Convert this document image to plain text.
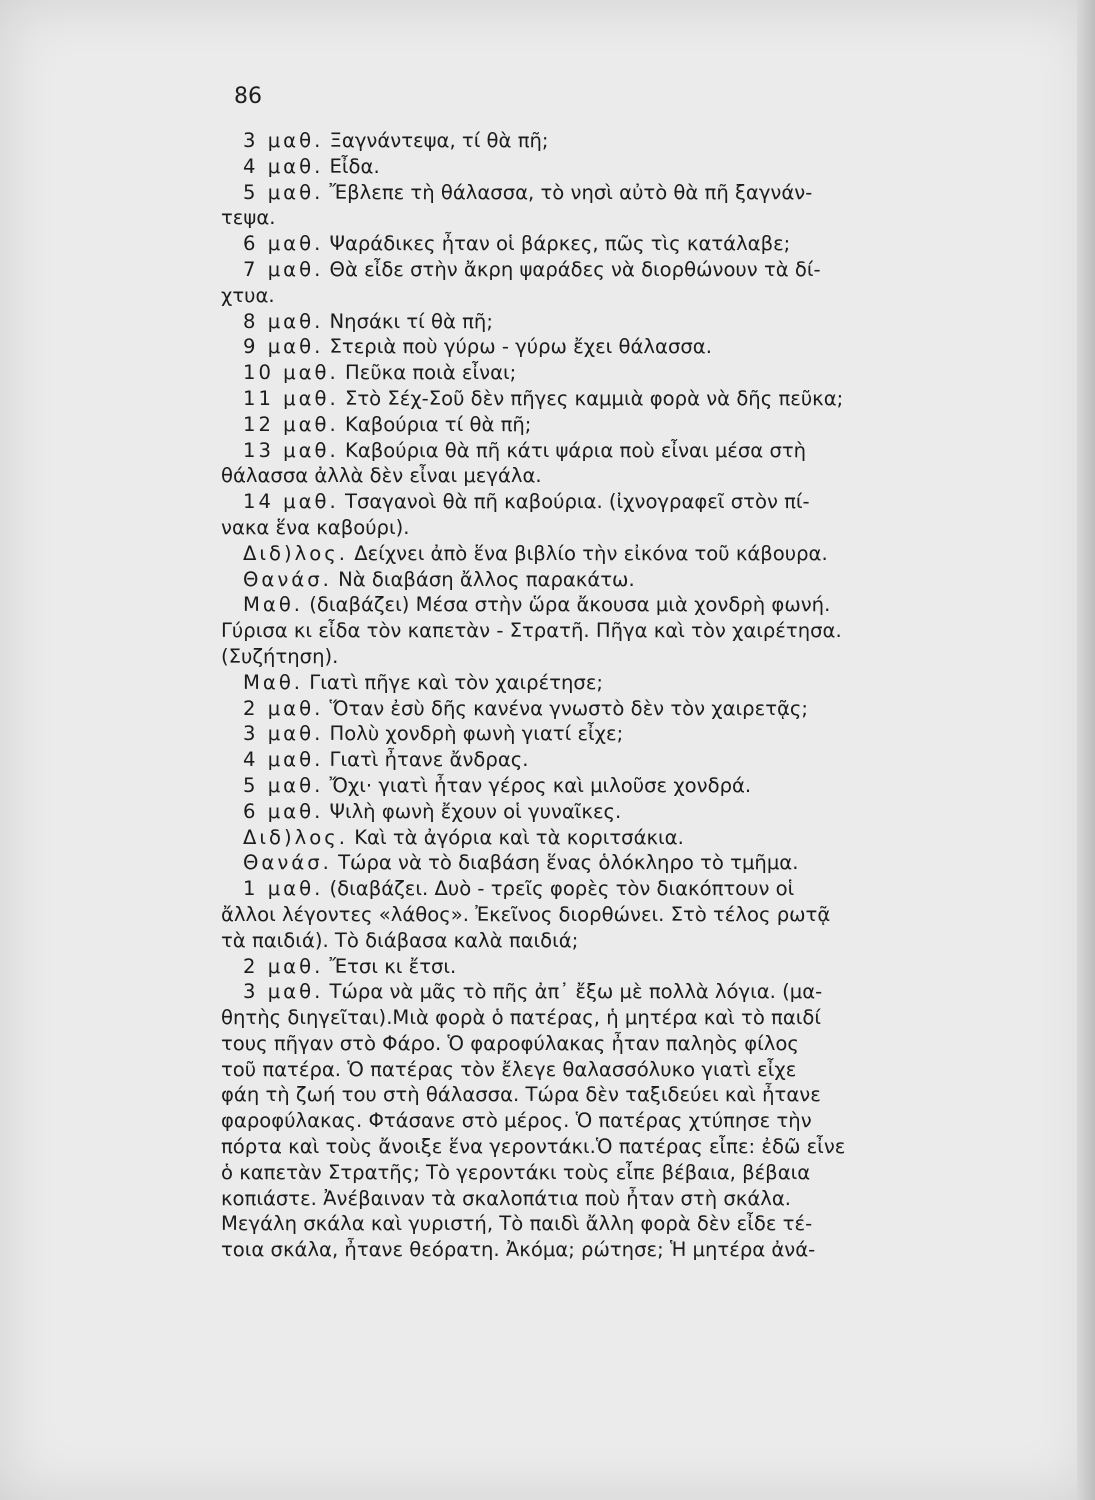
86
3 μαθ. Ξαγνάντεψα, τί θὰ πῆ;
4 μαθ. Εἶδα.
5 μαθ. Ἔβλεπε τὴ θάλασσα, τὸ νησὶ αὐτὸ θὰ πῆ ξαγνάν-
τεψα.
6 μαθ. Ψαράδικες ἦταν οἱ βάρκες, πῶς τὶς κατάλαβε;
7 μαθ. Θὰ εἶδε στὴν ἄκρη ψαράδες νὰ διορθώνουν τὰ δί-
χτυα.
8 μαθ. Νησάκι τί θὰ πῆ;
9 μαθ. Στεριὰ ποὺ γύρω - γύρω ἔχει θάλασσα.
10 μαθ. Πεῦκα ποιὰ εἶναι;
11 μαθ. Στὸ Σέχ-Σοῦ δὲν πῆγες καμμιὰ φορὰ νὰ δῆς πεῦκα;
12 μαθ. Καβούρια τί θὰ πῆ;
13 μαθ. Καβούρια θὰ πῆ κάτι ψάρια ποὺ εἶναι μέσα στὴ
θάλασσα ἀλλὰ δὲν εἶναι μεγάλα.
14 μαθ. Τσαγανοὶ θὰ πῆ καβούρια. (ἰχνογραφεῖ στὸν πί-
νακα ἕνα καβούρι).
Διδ)λος. Δείχνει ἀπὸ ἕνα βιβλίο τὴν εἰκόνα τοῦ κάβουρα.
Θανάσ. Νὰ διαβάση ἄλλος παρακάτω.
Μαθ. (διαβάζει) Μέσα στὴν ὥρα ἄκουσα μιὰ χονδρὴ φωνή.
Γύρισα κι εἶδα τὸν καπετὰν - Στρατῆ. Πῆγα καὶ τὸν χαιρέτησα.
(Συζήτηση).
Μαθ. Γιατὶ πῆγε καὶ τὸν χαιρέτησε;
2 μαθ. Ὅταν ἐσὺ δῆς κανένα γνωστὸ δὲν τὸν χαιρετᾷς;
3 μαθ. Πολὺ χονδρὴ φωνὴ γιατί εἶχε;
4 μαθ. Γιατὶ ἦτανε ἄνδρας.
5 μαθ. Ὄχι· γιατὶ ἦταν γέρος καὶ μιλοῦσε χονδρά.
6 μαθ. Ψιλὴ φωνὴ ἔχουν οἱ γυναῖκες.
Διδ)λος. Καὶ τὰ ἀγόρια καὶ τὰ κοριτσάκια.
Θανάσ. Τώρα νὰ τὸ διαβάση ἕνας ὁλόκληρο τὸ τμῆμα.
1 μαθ. (διαβάζει. Δυὸ - τρεῖς φορὲς τὸν διακόπτουν οἱ
ἄλλοι λέγοντες «λάθος». Ἐκεῖνος διορθώνει. Στὸ τέλος ρωτᾷ
τὰ παιδιά). Τὸ διάβασα καλὰ παιδιά;
2 μαθ. Ἔτσι κι ἔτσι.
3 μαθ. Τώρα νὰ μᾶς τὸ πῆς ἀπ᾽ ἔξω μὲ πολλὰ λόγια. (μα-
θητὴς διηγεῖται).Μιὰ φορὰ ὁ πατέρας, ἡ μητέρα καὶ τὸ παιδί
τους πῆγαν στὸ Φάρο. Ὁ φαροφύλακας ἦταν παληὸς φίλος
τοῦ πατέρα. Ὁ πατέρας τὸν ἔλεγε θαλασσόλυκο γιατὶ εἶχε
φάη τὴ ζωή του στὴ θάλασσα. Τώρα δὲν ταξιδεύει καὶ ἦτανε
φαροφύλακας. Φτάσανε στὸ μέρος. Ὁ πατέρας χτύπησε τὴν
πόρτα καὶ τοὺς ἄνοιξε ἕνα γεροντάκι.Ὁ πατέρας εἶπε: ἐδῶ εἶνε
ὁ καπετὰν Στρατῆς; Τὸ γεροντάκι τοὺς εἶπε βέβαια, βέβαια
κοπιάστε. Ἀνέβαιναν τὰ σκαλοπάτια ποὺ ἦταν στὴ σκάλα.
Μεγάλη σκάλα καὶ γυριστή, Τὸ παιδὶ ἄλλη φορὰ δὲν εἶδε τέ-
τοια σκάλα, ἦτανε θεόρατη. Ἀκόμα; ρώτησε; Ἡ μητέρα ἀνά-
